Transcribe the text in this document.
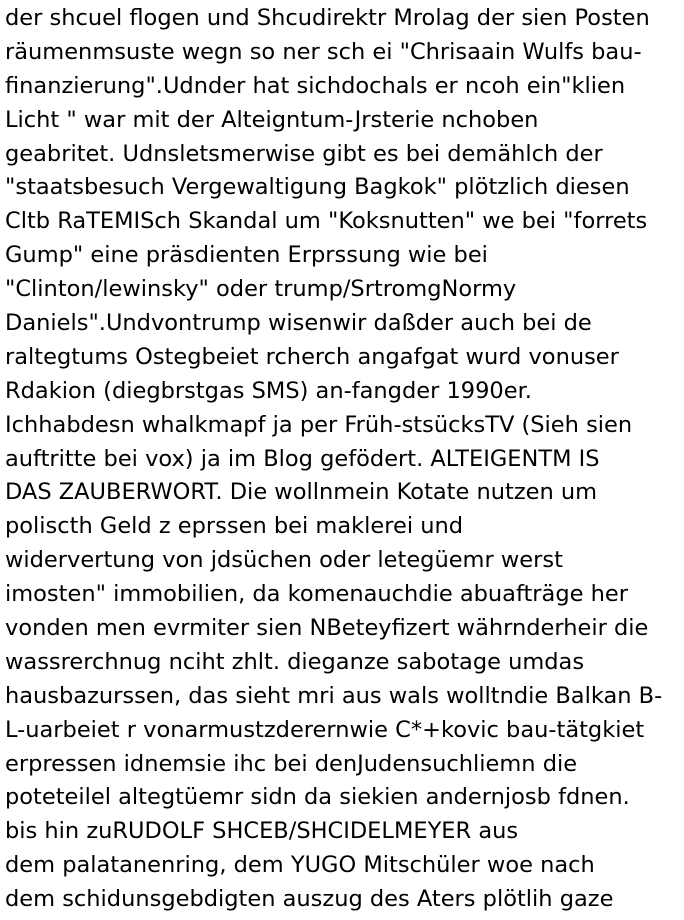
der shcuel flogen und Shcudirektr Mrolag der sien Posten
räumenmsuste wegn so ner sch ei "Chrisaain Wulfs bau-
finanzierung".Udnder hat sichdochals er ncoh ein"klien
Licht " war mit der Alteigntum-Jrsterie nchoben
geabritet. Udnsletsmerwise gibt es bei demählch der
"staatsbesuch Vergewaltigung Bagkok" plötzlich diesen
Cltb RaTEMISch Skandal um "Koksnutten" we bei "forrets
Gump" eine präsdienten Erprssung wie bei
"Clinton/lewinsky" oder trump/SrtromgNormy
Daniels".Undvontrump wisenwir daßder auch bei de
raltegtums Ostegbeiet rcherch angafgat wurd vonuser
Rdakion (diegbrstgas SMS) an-fangder 1990er.
Ichhabdesn whalkmapf ja per Früh-stsücksTV (Sieh sien
auftritte bei vox) ja im Blog gefödert. ALTEIGENTM IS
DAS ZAUBERWORT. Die wollnmein Kotate nutzen um
poliscth Geld z eprssen bei maklerei und
widervertung von jdsüchen oder letegüemr werst
imosten" immobilien, da komenauchdie abuafträge her
vonden men evrmiter sien NBeteyfizert währnderheir die
wassrerchnug nciht zhlt. dieganze sabotage umdas
hausbazurssen, das sieht mri aus wals wolltndie Balkan B-
L-uarbeiet r vonarmustzderernwie C*+kovic bau-tätgkiet
erpressen idnemsie ihc bei denJudensuchliemn die
poteteilel altegtüemr sidn da siekien andernjosb fdnen.
bis hin zuRUDOLF SHCEB/SHCIDELMEYER aus
dem palatanenring, dem YUGO Mitschüler woe nach
dem schidunsgebdigten auszug des Aters plötlih gaze
